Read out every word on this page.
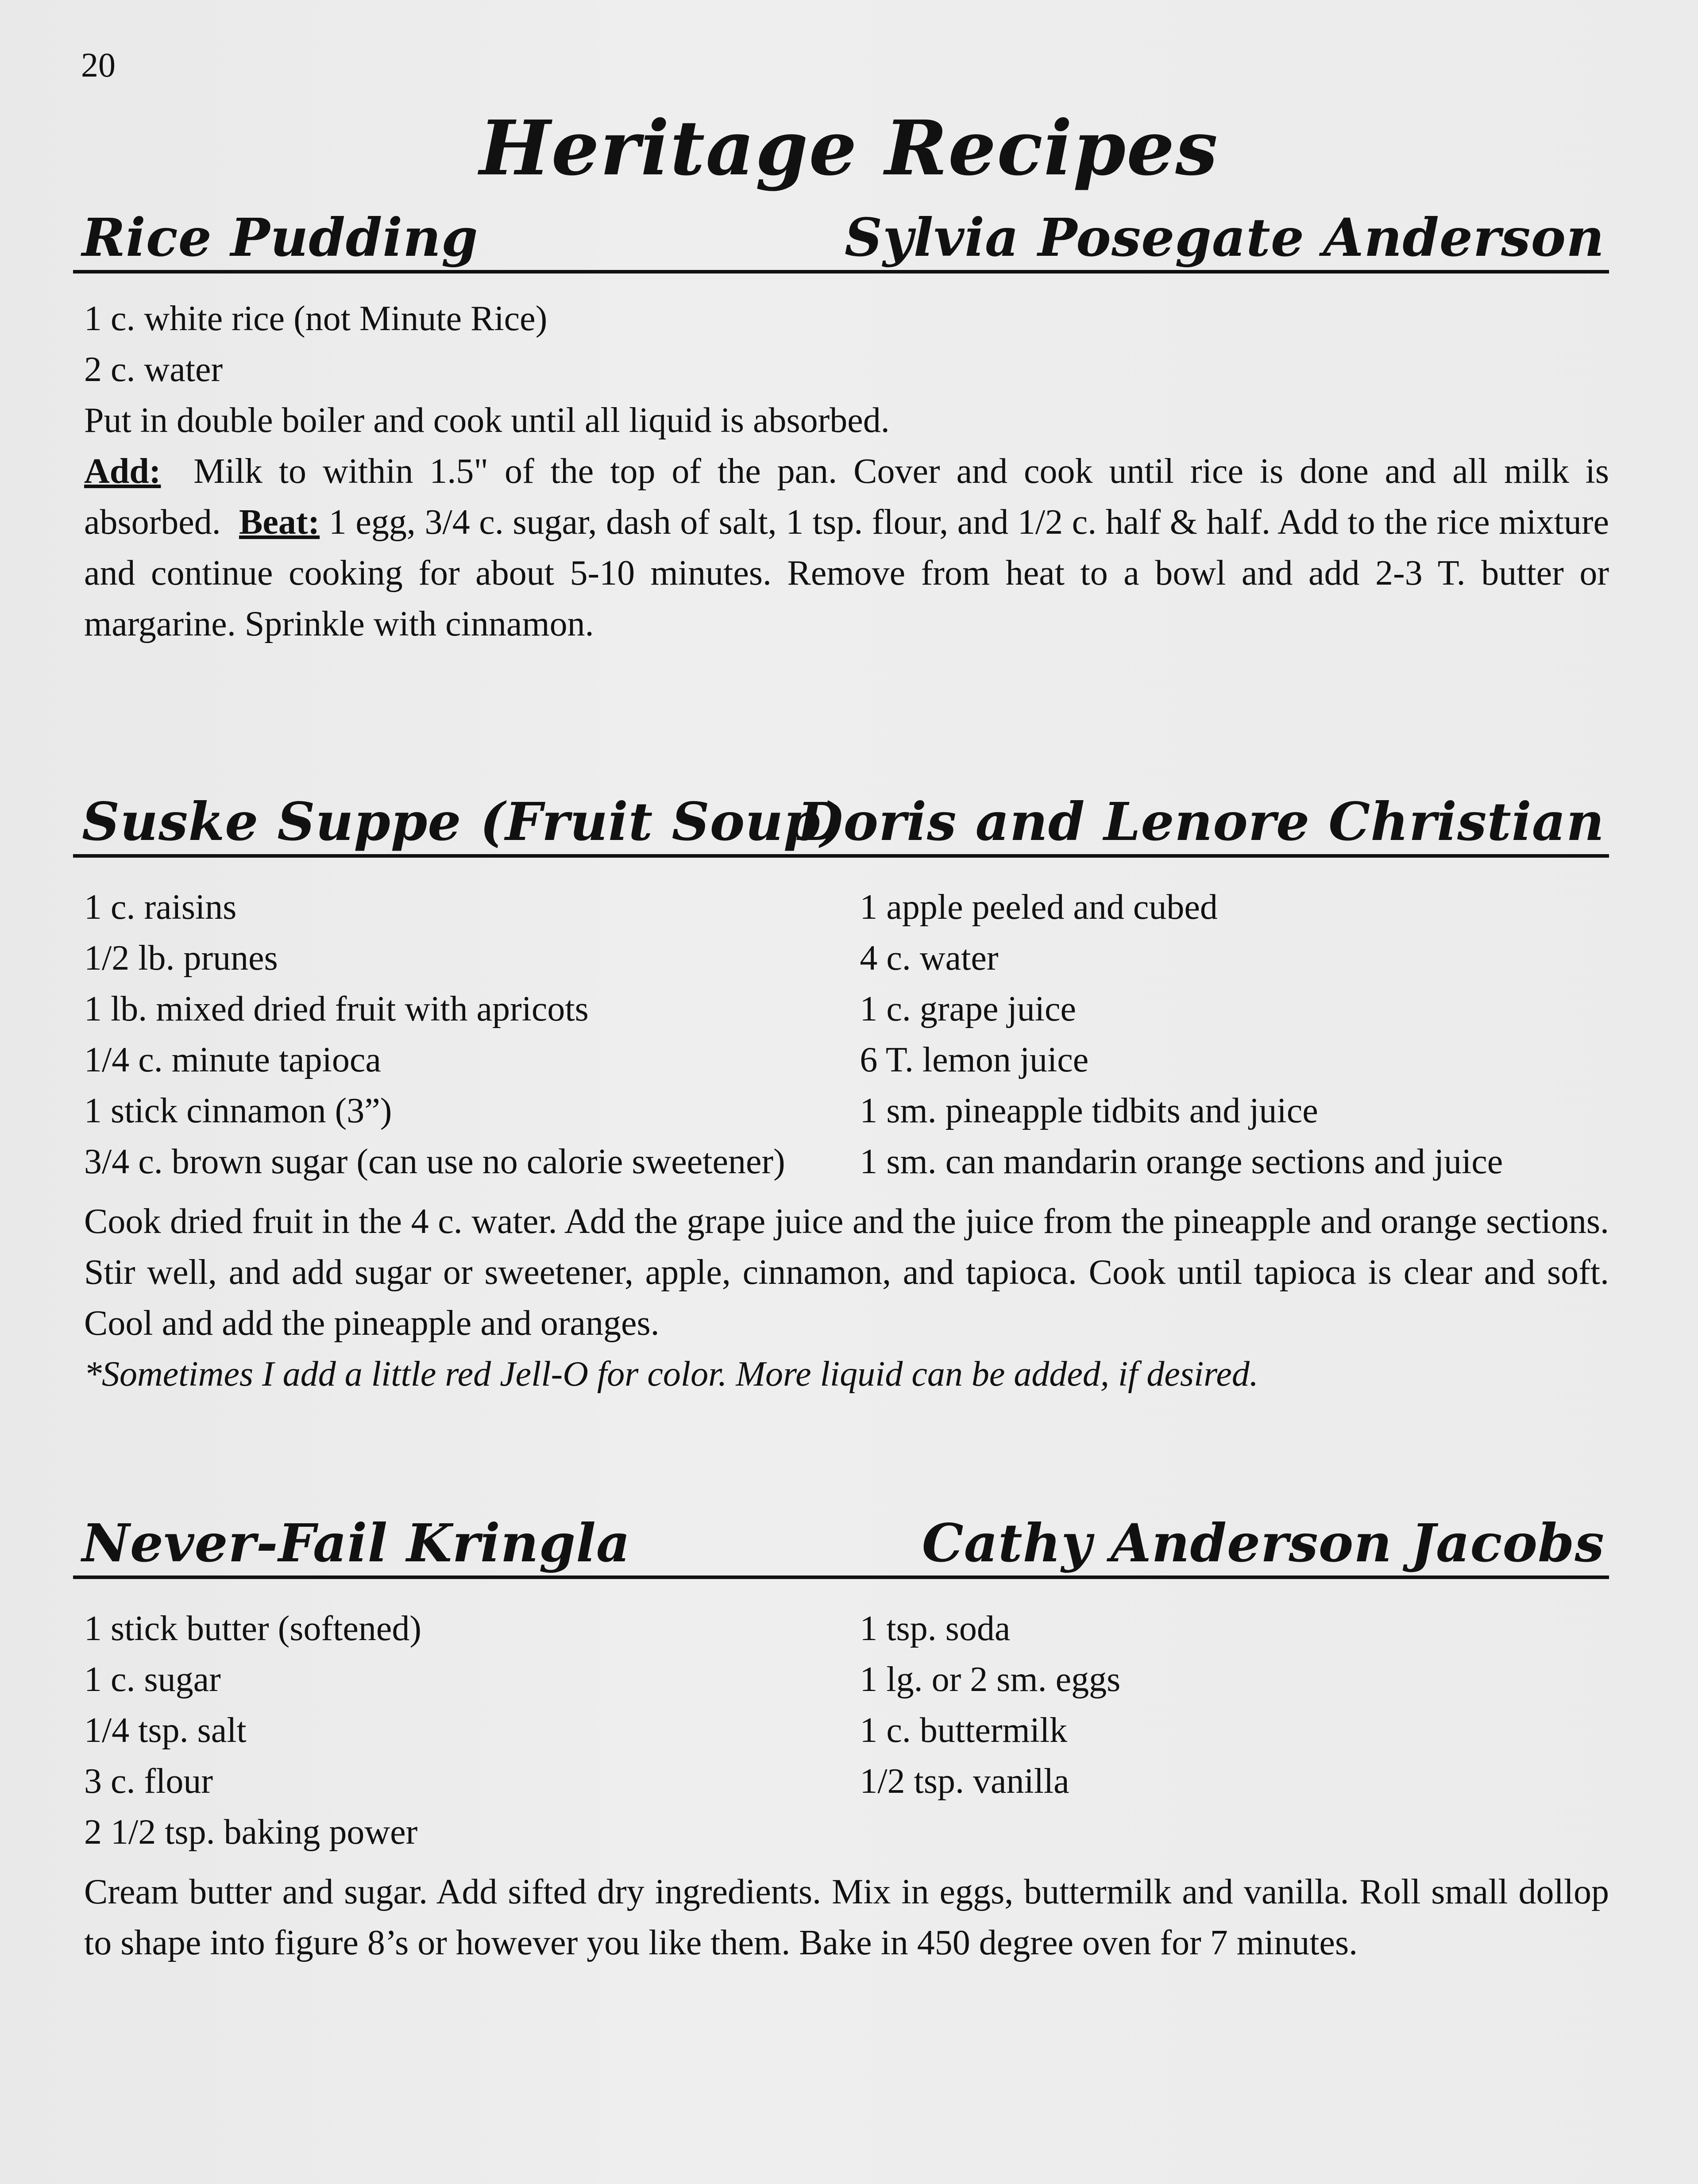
20
Heritage Recipes
Rice Pudding	Sylvia Posegate Anderson
1 c. white rice (not Minute Rice)
2 c. water
Put in double boiler and cook until all liquid is absorbed.
Add: Milk to within 1.5" of the top of the pan. Cover and cook until rice is done and all milk is absorbed. Beat: 1 egg, 3/4 c. sugar, dash of salt, 1 tsp. flour, and 1/2 c. half & half. Add to the rice mixture and continue cooking for about 5-10 minutes. Remove from heat to a bowl and add 2-3 T. butter or margarine. Sprinkle with cinnamon.
Suske Suppe (Fruit Soup)
Doris and Lenore Christian
1 c. raisins
1/2 lb. prunes
1 lb. mixed dried fruit with apricots
1/4 c. minute tapioca
1 stick cinnamon (3”)
3/4 c. brown sugar (can use no calorie sweetener)
1 apple peeled and cubed
4 c. water
1 c. grape juice
6 T. lemon juice
1 sm. pineapple tidbits and juice
1 sm. can mandarin orange sections and juice
Cook dried fruit in the 4 c. water. Add the grape juice and the juice from the pineapple and orange sections. Stir well, and add sugar or sweetener, apple, cinnamon, and tapioca. Cook until tapioca is clear and soft. Cool and add the pineapple and oranges.
*Sometimes I add a little red Jell-O for color. More liquid can be added, if desired.
Never-Fail Kringla	Cathy Anderson Jacobs
1 stick butter (softened)
1 c. sugar
1/4 tsp. salt
3 c. flour
2 1/2 tsp. baking power
1 tsp. soda
1 lg. or 2 sm. eggs
1 c. buttermilk
1/2 tsp. vanilla
Cream butter and sugar. Add sifted dry ingredients. Mix in eggs, buttermilk and vanilla. Roll small dollop to shape into figure 8’s or however you like them. Bake in 450 degree oven for 7 minutes.
